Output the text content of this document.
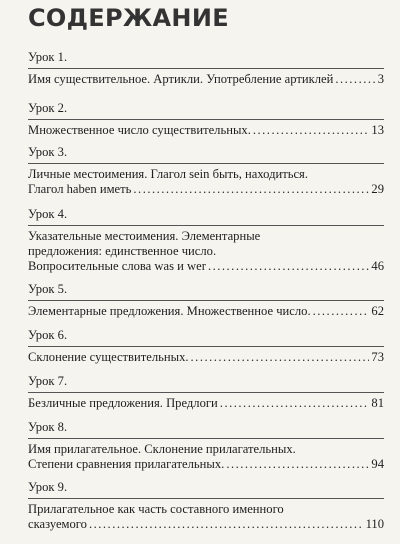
СОДЕРЖАНИЕ
Урок 1.
Имя существительное. Артикли. Употребление артиклей .....	3
Урок 2.
Множественное число существительных. .....	13
Урок 3.
Личные местоимения. Глагол sein быть, находиться.
Глагол haben иметь .....	29
Урок 4.
Указательные местоимения. Элементарные
предложения: единственное число.
Вопросительные слова was и wer .....	46
Урок 5.
Элементарные предложения. Множественное число. .....	62
Урок 6.
Склонение существительных. .....	73
Урок 7.
Безличные предложения. Предлоги .....	81
Урок 8.
Имя прилагательное. Склонение прилагательных.
Степени сравнения прилагательных. .....	94
Урок 9.
Прилагательное как часть составного именного
сказуемого .....	110
